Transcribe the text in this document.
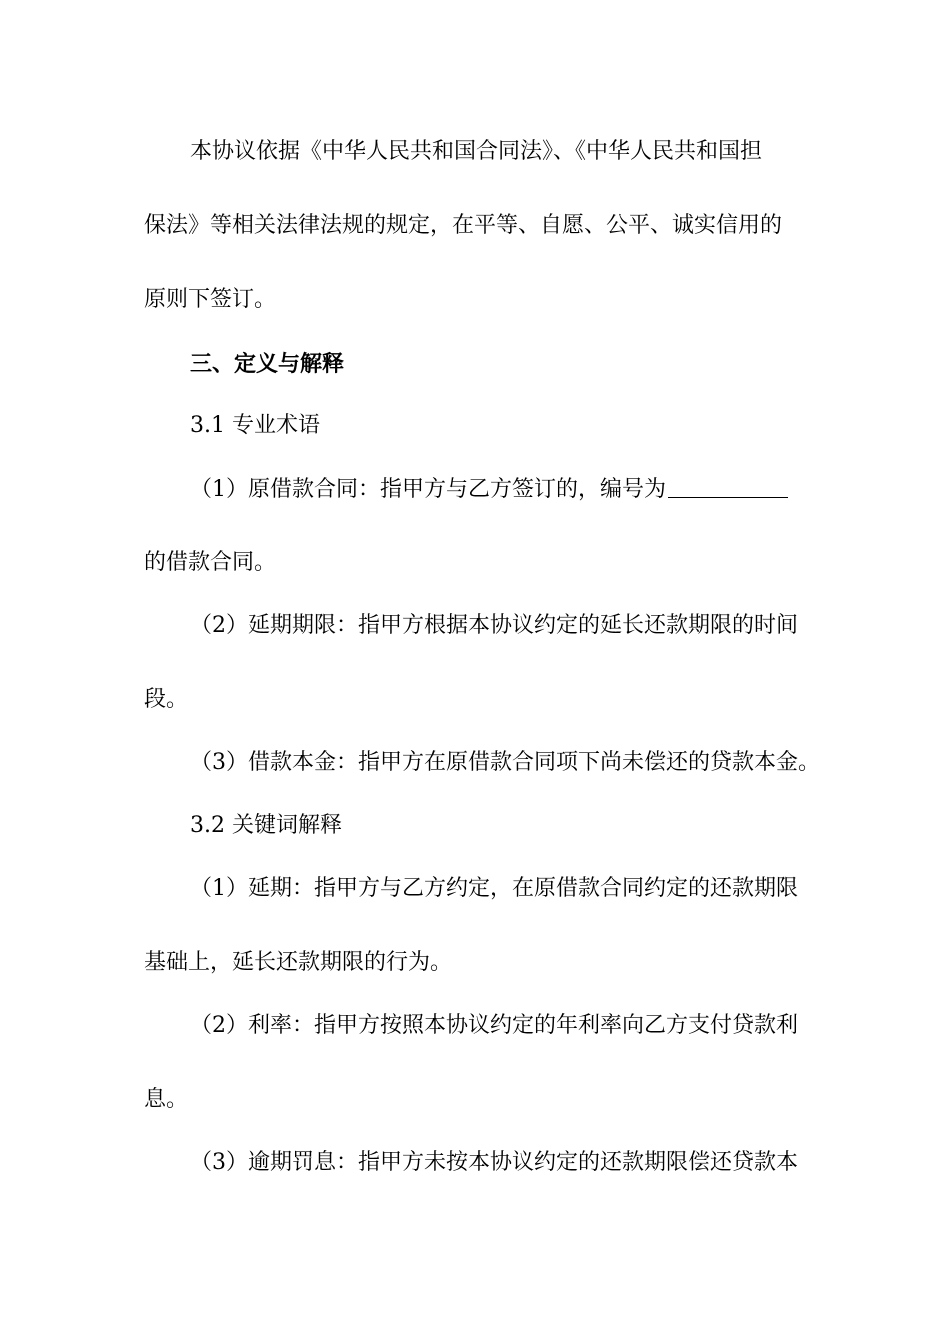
本协议依据《中华人民共和国合同法》、《中华人民共和国担
保法》等相关法律法规的规定，在平等、自愿、公平、诚实信用的
原则下签订。
三、定义与解释
3.1 专业术语
（1）原借款合同：指甲方与乙方签订的，编号为
的借款合同。
（2）延期期限：指甲方根据本协议约定的延长还款期限的时间
段。
（3）借款本金：指甲方在原借款合同项下尚未偿还的贷款本金。
3.2 关键词解释
（1）延期：指甲方与乙方约定，在原借款合同约定的还款期限
基础上，延长还款期限的行为。
（2）利率：指甲方按照本协议约定的年利率向乙方支付贷款利
息。
（3）逾期罚息：指甲方未按本协议约定的还款期限偿还贷款本
